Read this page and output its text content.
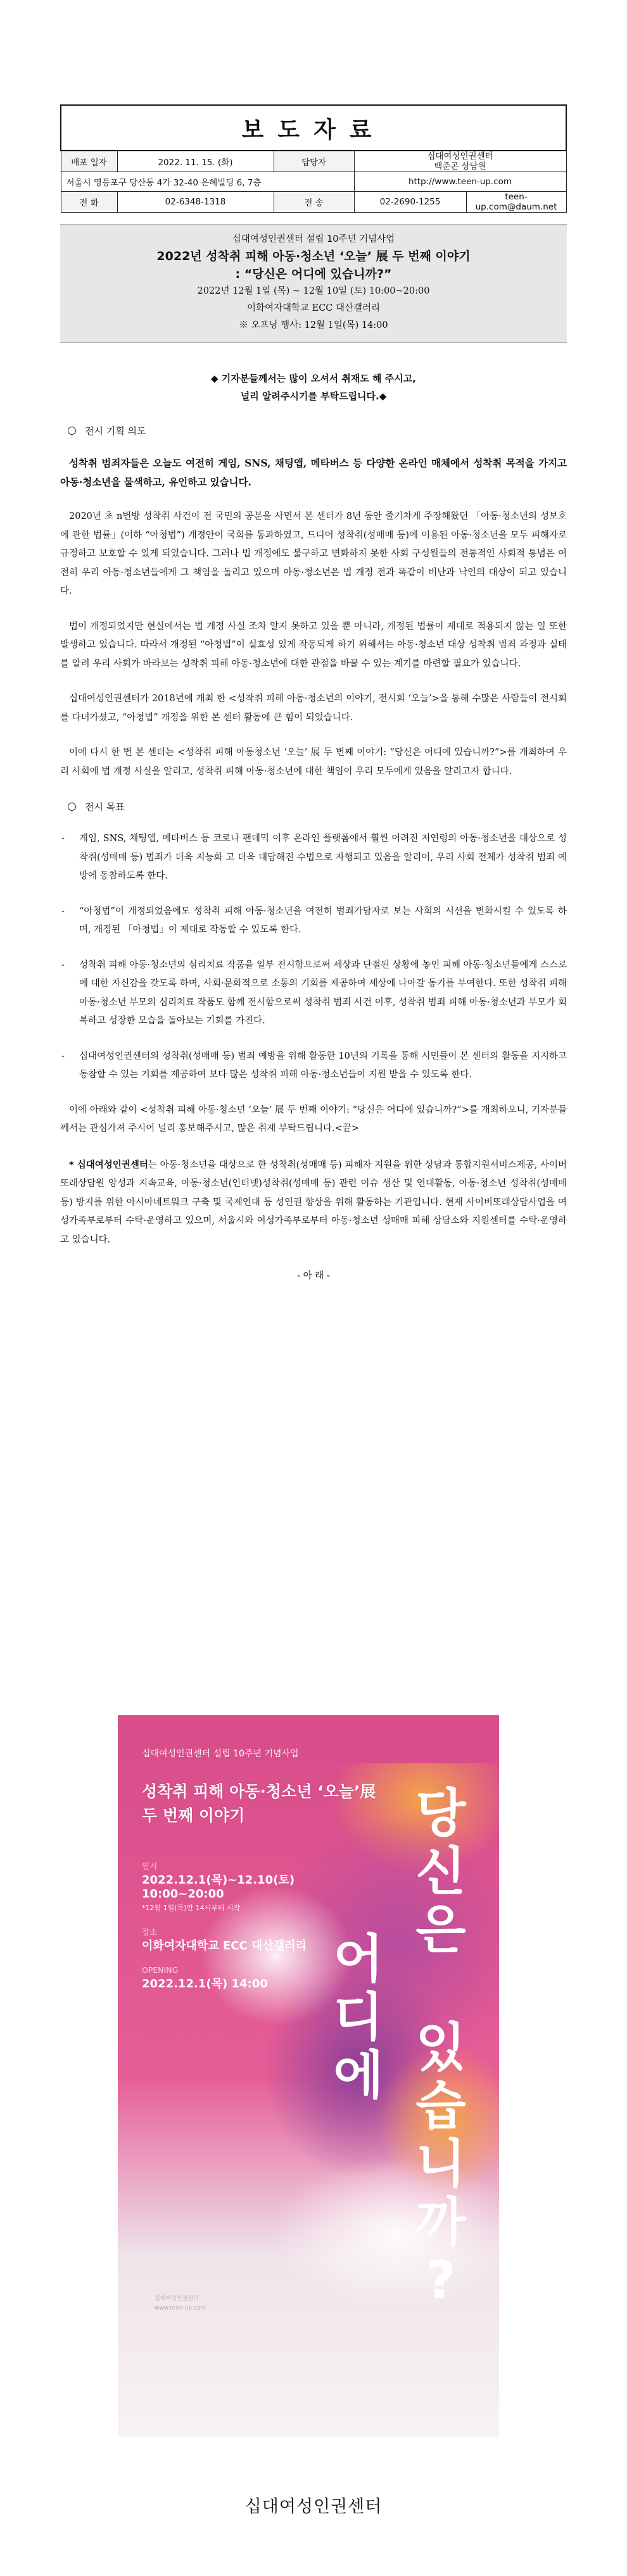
보도자료				
배포 일자	2022. 11. 15. (화)	담당자	십대여성인권센터
백준곤 상담원	
서울시 영등포구 당산동 4가 32-40 은혜빌딩 6, 7층			http://www.teen-up.com	
전 화	02-6348-1318	전 송	02-2690-1255	teen-up.com@daum.net
십대여성인권센터 설립 10주년 기념사업
2022년 성착취 피해 아동·청소년 ‘오늘’ 展 두 번째 이야기
: “당신은 어디에 있습니까?”
2022년 12월 1일 (목) ~ 12월 10일 (토) 10:00~20:00
이화여자대학교 ECC 대산갤러리
※ 오프닝 행사: 12월 1일(목) 14:00
◆ 기자분들께서는 많이 오셔서 취재도 해 주시고,
널리 알려주시기를 부탁드립니다.◆
전시 기획 의도

성착취 범죄자들은 오늘도 여전히 게임, SNS, 채팅앱, 메타버스 등 다양한 온라인 매체에서 성착취 목적을 가지고 아동·청소년을 물색하고, 유인하고 있습니다.

2020년 초 n번방 성착취 사건이 전 국민의 공분을 사면서 본 센터가 8년 동안 줄기차게 주장해왔던 「아동·청소년의 성보호에 관한 법률」(이하 “아청법”) 개정안이 국회를 통과하였고, 드디어 성착취(성매매 등)에 이용된 아동·청소년을 모두 피해자로 규정하고 보호할 수 있게 되었습니다. 그러나 법 개정에도 불구하고 변화하지 못한 사회 구성원들의 전통적인 사회적 통념은 여전히 우리 아동·청소년들에게 그 책임을 돌리고 있으며 아동·청소년은 법 개정 전과 똑같이 비난과 낙인의 대상이 되고 있습니다.

법이 개정되었지만 현실에서는 법 개정 사실 조차 알지 못하고 있을 뿐 아니라, 개정된 법률이 제대로 적용되지 않는 일 또한 발생하고 있습니다. 따라서 개정된 “아청법”이 실효성 있게 작동되게 하기 위해서는 아동·청소년 대상 성착취 범죄 과정과 실태를 알려 우리 사회가 바라보는 성착취 피해 아동·청소년에 대한 관점을 바꿀 수 있는 계기를 마련할 필요가 있습니다.

십대여성인권센터가 2018년에 개최 한 <성착취 피해 아동·청소년의 이야기, 전시회 ‘오늘’>을 통해 수많은 사람들이 전시회를 다녀가셨고, “아청법” 개정을 위한 본 센터 활동에 큰 힘이 되었습니다.

이에 다시 한 번 본 센터는 <성착취 피해 아동청소년 ‘오늘’ 展 두 번째 이야기: “당신은 어디에 있습니까?”>를 개최하여 우리 사회에 법 개정 사실을 알리고, 성착취 피해 아동·청소년에 대한 책임이 우리 모두에게 있음을 알리고자 합니다.

전시 목표
- 게임, SNS, 채팅앱, 메타버스 등 코로나 팬데믹 이후 온라인 플랫폼에서 훨씬 어려진 저연령의 아동·청소년을 대상으로 성착취(성매매 등) 범죄가 더욱 지능화 고 더욱 대담해진 수법으로 자행되고 있음을 알리어, 우리 사회 전체가 성착취 범죄 예방에 동참하도록 한다.
- “아청법”이 개정되었음에도 성착취 피해 아동·청소년을 여전히 범죄가담자로 보는 사회의 시선을 변화시킬 수 있도록 하며, 개정된 「아청법」이 제대로 작동할 수 있도록 한다.
- 성착취 피해 아동·청소년의 심리치료 작품을 일부 전시함으로써 세상과 단절된 상황에 놓인 피해 아동·청소년들에게 스스로에 대한 자신감을 갖도록 하며, 사회·문화적으로 소통의 기회를 제공하여 세상에 나아갈 동기를 부여한다. 또한 성착취 피해 아동·청소년 부모의 심리치료 작품도 함께 전시함으로써 성착취 범죄 사건 이후, 성착취 범죄 피해 아동·청소년과 부모가 회복하고 성장한 모습을 돌아보는 기회를 가진다.
- 십대여성인권센터의 성착취(성매매 등) 범죄 예방을 위해 활동한 10년의 기록을 통해 시민들이 본 센터의 활동을 지지하고 동참할 수 있는 기회를 제공하여 보다 많은 성착취 피해 아동·청소년들이 지원 받을 수 있도록 한다.

이에 아래와 같이 <성착취 피해 아동·청소년 ‘오늘’ 展 두 번째 이야기: “당신은 어디에 있습니까?”>를 개최하오니, 기자분들께서는 관심가져 주시어 널리 홍보해주시고, 많은 취재 부탁드립니다.<끝>

* 십대여성인권센터는 아동·청소년을 대상으로 한 성착취(성매매 등) 피해자 지원을 위한 상담과 통합지원서비스제공, 사이버또래상담원 양성과 지속교육, 아동·청소년(인터넷)성착취(성매매 등) 관련 이슈 생산 및 연대활동, 아동·청소년 성착취(성매매 등) 방지를 위한 아시아네트워크 구축 및 국제연대 등 성인권 향상을 위해 활동하는 기관입니다. 현재 사이버또래상담사업을 여성가족부로부터 수탁·운영하고 있으며, 서울시와 여성가족부로부터 아동·청소년 성매매 피해 상담소와 지원센터를 수탁·운영하고 있습니다.
- 아 래 -
십대여성인권센터 설립 10주년 기념사업
성착취 피해 아동·청소년 ‘오늘’展
두 번째 이야기
일시
2022.12.1(목)~12.10(토)
10:00~20:00
*12월 1일(목)만 14시부터 시작
장소
이화여자대학교 ECC 대산갤러리
OPENING
2022.12.1(목) 14:00
당
신
은
어
디
에 있
습
니
까
?
십대여성인권센터
www.teen-up.com
십대여성인권센터
